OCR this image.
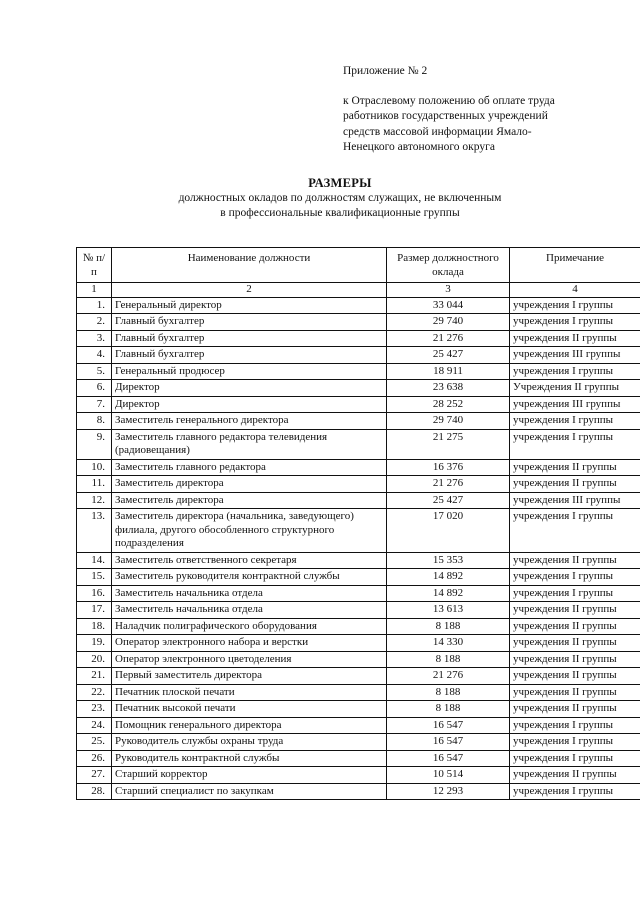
Приложение № 2
к Отраслевому положению об оплате труда
работников государственных учреждений
средств массовой информации Ямало-
Ненецкого автономного округа
РАЗМЕРЫ
должностных окладов по должностям служащих, не включенным
в профессиональные квалификационные группы
№ п/п	Наименование должности	Размер должностного оклада	Примечание
1	2	3	4
1.	Генеральный директор	33 044	учреждения I группы
2.	Главный бухгалтер	29 740	учреждения I группы
3.	Главный бухгалтер	21 276	учреждения II группы
4.	Главный бухгалтер	25 427	учреждения III группы
5.	Генеральный продюсер	18 911	учреждения I группы
6.	Директор	23 638	Учреждения II группы
7.	Директор	28 252	учреждения III группы
8.	Заместитель генерального директора	29 740	учреждения I группы
9.	Заместитель главного редактора телевидения (радиовещания)	21 275	учреждения I группы
10.	Заместитель главного редактора	16 376	учреждения II группы
11.	Заместитель директора	21 276	учреждения II группы
12.	Заместитель директора	25 427	учреждения III группы
13.	Заместитель директора (начальника, заведующего) филиала, другого обособленного структурного подразделения	17 020	учреждения I группы
14.	Заместитель ответственного секретаря	15 353	учреждения II группы
15.	Заместитель руководителя контрактной службы	14 892	учреждения I группы
16.	Заместитель начальника отдела	14 892	учреждения I группы
17.	Заместитель начальника отдела	13 613	учреждения II группы
18.	Наладчик полиграфического оборудования	8 188	учреждения II группы
19.	Оператор электронного набора и верстки	14 330	учреждения II группы
20.	Оператор электронного цветоделения	8 188	учреждения II группы
21.	Первый заместитель директора	21 276	учреждения II группы
22.	Печатник плоской печати	8 188	учреждения II группы
23.	Печатник высокой печати	8 188	учреждения II группы
24.	Помощник генерального директора	16 547	учреждения I группы
25.	Руководитель службы охраны труда	16 547	учреждения I группы
26.	Руководитель контрактной службы	16 547	учреждения I группы
27.	Старший корректор	10 514	учреждения II группы
28.	Старший специалист по закупкам	12 293	учреждения I группы
